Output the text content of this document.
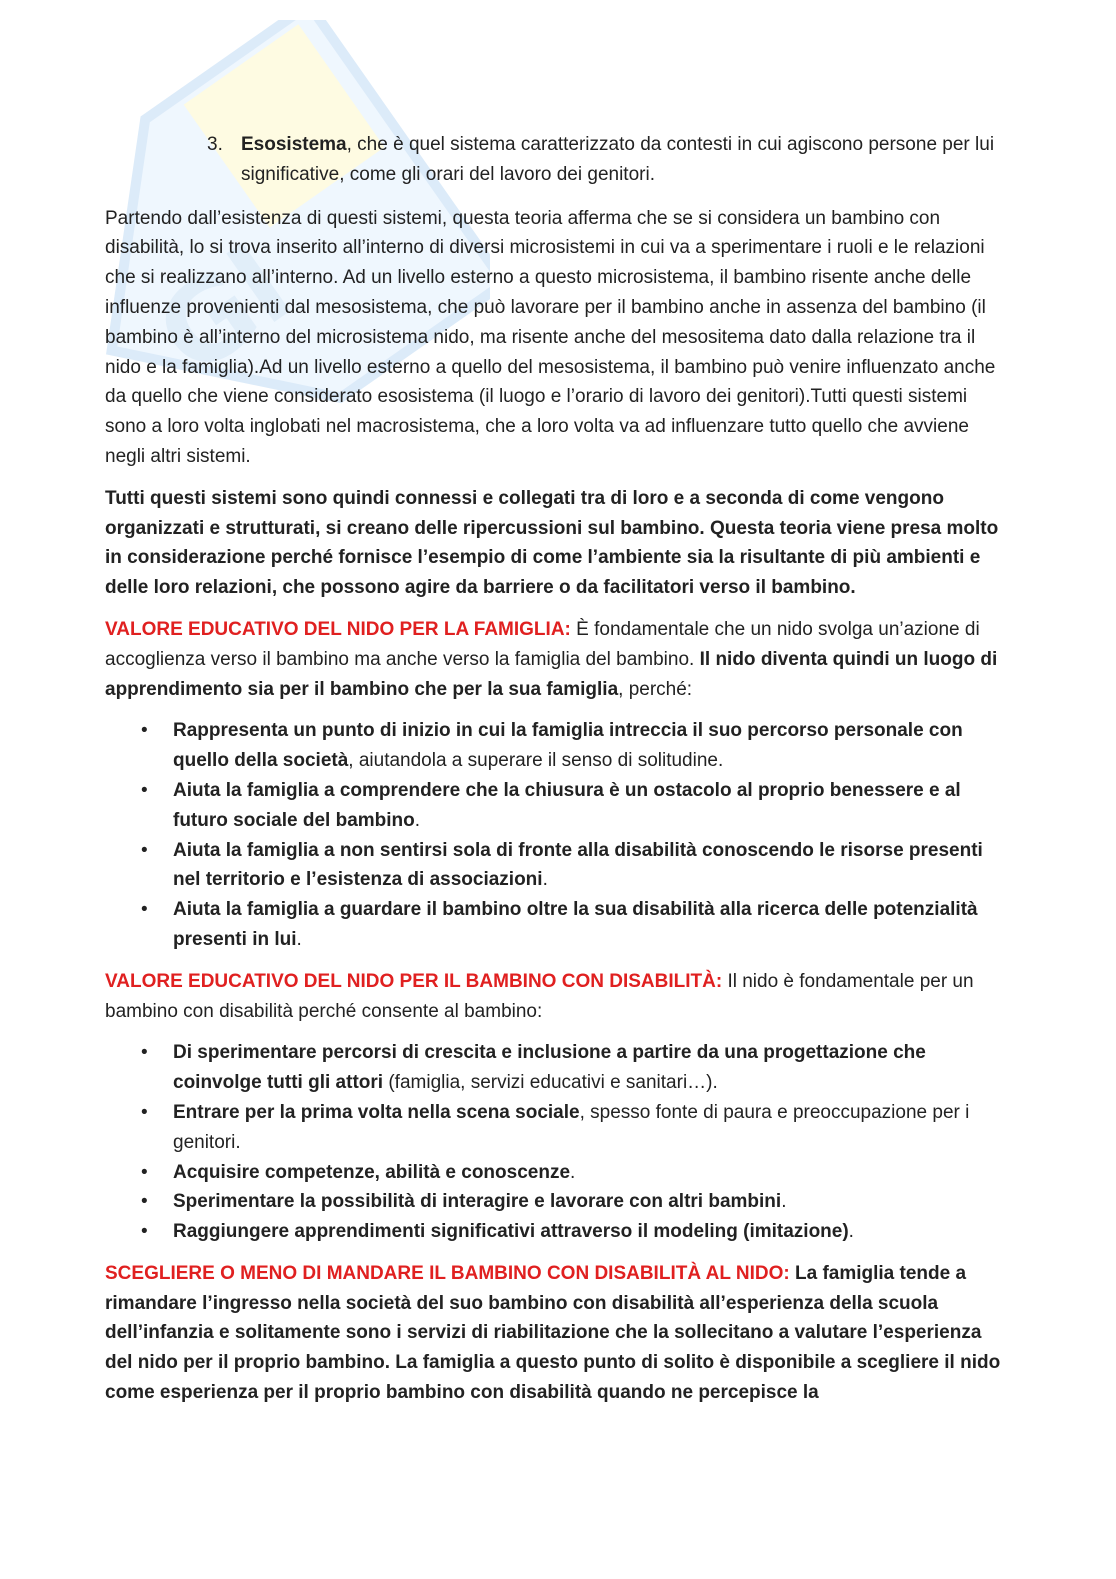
Gl
3. Esosistema, che è quel sistema caratterizzato da contesti in cui agiscono persone per lui significative, come gli orari del lavoro dei genitori.

Partendo dall’esistenza di questi sistemi, questa teoria afferma che se si considera un bambino con disabilità, lo si trova inserito all’interno di diversi microsistemi in cui va a sperimentare i ruoli e le relazioni che si realizzano all’interno. Ad un livello esterno a questo microsistema, il bambino risente anche delle influenze provenienti dal mesosistema, che può lavorare per il bambino anche in assenza del bambino (il bambino è all’interno del microsistema nido, ma risente anche del mesositema dato dalla relazione tra il nido e la famiglia).Ad un livello esterno a quello del mesosistema, il bambino può venire influenzato anche da quello che viene considerato esosistema (il luogo e l’orario di lavoro dei genitori).Tutti questi sistemi sono a loro volta inglobati nel macrosistema, che a loro volta va ad influenzare tutto quello che avviene negli altri sistemi.

Tutti questi sistemi sono quindi connessi e collegati tra di loro e a seconda di come vengono organizzati e strutturati, si creano delle ripercussioni sul bambino. Questa teoria viene presa molto in considerazione perché fornisce l’esempio di come l’ambiente sia la risultante di più ambienti e delle loro relazioni, che possono agire da barriere o da facilitatori verso il bambino.

VALORE EDUCATIVO DEL NIDO PER LA FAMIGLIA: È fondamentale che un nido svolga un’azione di accoglienza verso il bambino ma anche verso la famiglia del bambino. Il nido diventa quindi un luogo di apprendimento sia per il bambino che per la sua famiglia, perché:

• Rappresenta un punto di inizio in cui la famiglia intreccia il suo percorso personale con quello della società, aiutandola a superare il senso di solitudine.
• Aiuta la famiglia a comprendere che la chiusura è un ostacolo al proprio benessere e al futuro sociale del bambino.
• Aiuta la famiglia a non sentirsi sola di fronte alla disabilità conoscendo le risorse presenti nel territorio e l’esistenza di associazioni.
• Aiuta la famiglia a guardare il bambino oltre la sua disabilità alla ricerca delle potenzialità presenti in lui.

VALORE EDUCATIVO DEL NIDO PER IL BAMBINO CON DISABILITÀ: Il nido è fondamentale per un bambino con disabilità perché consente al bambino:

• Di sperimentare percorsi di crescita e inclusione a partire da una progettazione che coinvolge tutti gli attori (famiglia, servizi educativi e sanitari…).
• Entrare per la prima volta nella scena sociale, spesso fonte di paura e preoccupazione per i genitori.
• Acquisire competenze, abilità e conoscenze.
• Sperimentare la possibilità di interagire e lavorare con altri bambini.
• Raggiungere apprendimenti significativi attraverso il modeling (imitazione).

SCEGLIERE O MENO DI MANDARE IL BAMBINO CON DISABILITÀ AL NIDO: La famiglia tende a rimandare l’ingresso nella società del suo bambino con disabilità all’esperienza della scuola dell’infanzia e solitamente sono i servizi di riabilitazione che la sollecitano a valutare l’esperienza del nido per il proprio bambino. La famiglia a questo punto di solito è disponibile a scegliere il nido come esperienza per il proprio bambino con disabilità quando ne percepisce la
